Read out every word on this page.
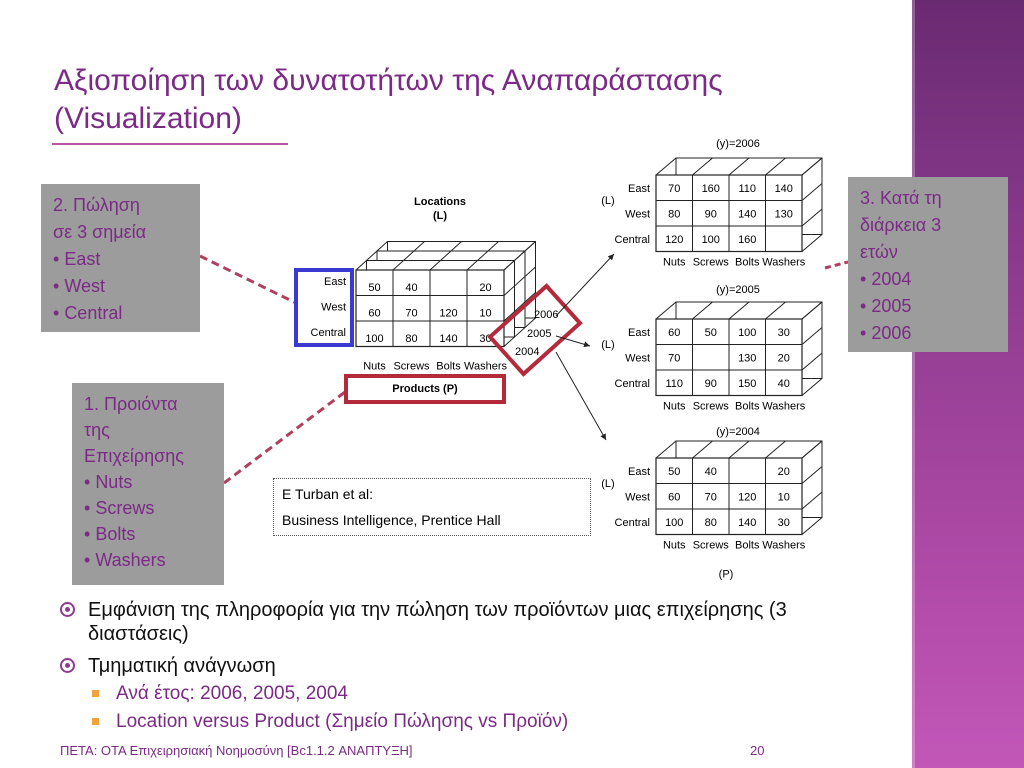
Αξιοποίηση των δυνατοτήτων της Αναπαράστασης
(Visualization)
50 40	20
60 70 120 10
100 80 140 30
East
West
Central
Nuts Screws Bolts Washers
70 160 110 140
80 90 140 130
120 100 160
East
West
Central
Nuts Screws Bolts Washers
(y)=2006
(L)
60 50 100 30
70	130 20
110 90 150 40
East
West
Central
Nuts Screws Bolts Washers
(y)=2005
(L)
50 40	20
60 70 120 10
100 80 140 30
East
West
Central
Nuts Screws Bolts Washers
(y)=2004
(L)
(P)
Locations
(L)
Products (P)
2006
2005
2004
2. Πώληση
σε 3 σημεία
• East
• West
• Central
1. Προιόντα
της
Επιχείρησης
• Nuts
• Screws
• Bolts
• Washers
3. Κατά τη
διάρκεια 3
ετών
• 2004
• 2005
• 2006
E Turban et al:
Business Intelligence, Prentice Hall
Εμφάνιση της πληροφορία για την πώληση των προϊόντων μιας επιχείρησης (3 διαστάσεις)
Τμηματική ανάγνωση
Ανά έτος: 2006, 2005, 2004
Location versus Product (Σημείο Πώλησης vs Προϊόν)
ΠΕΤΑ: ΟΤΑ Επιχειρησιακή Νοημοσύνη [Βc1.1.2 ΑΝΑΠΤΥΞΗ]	20
